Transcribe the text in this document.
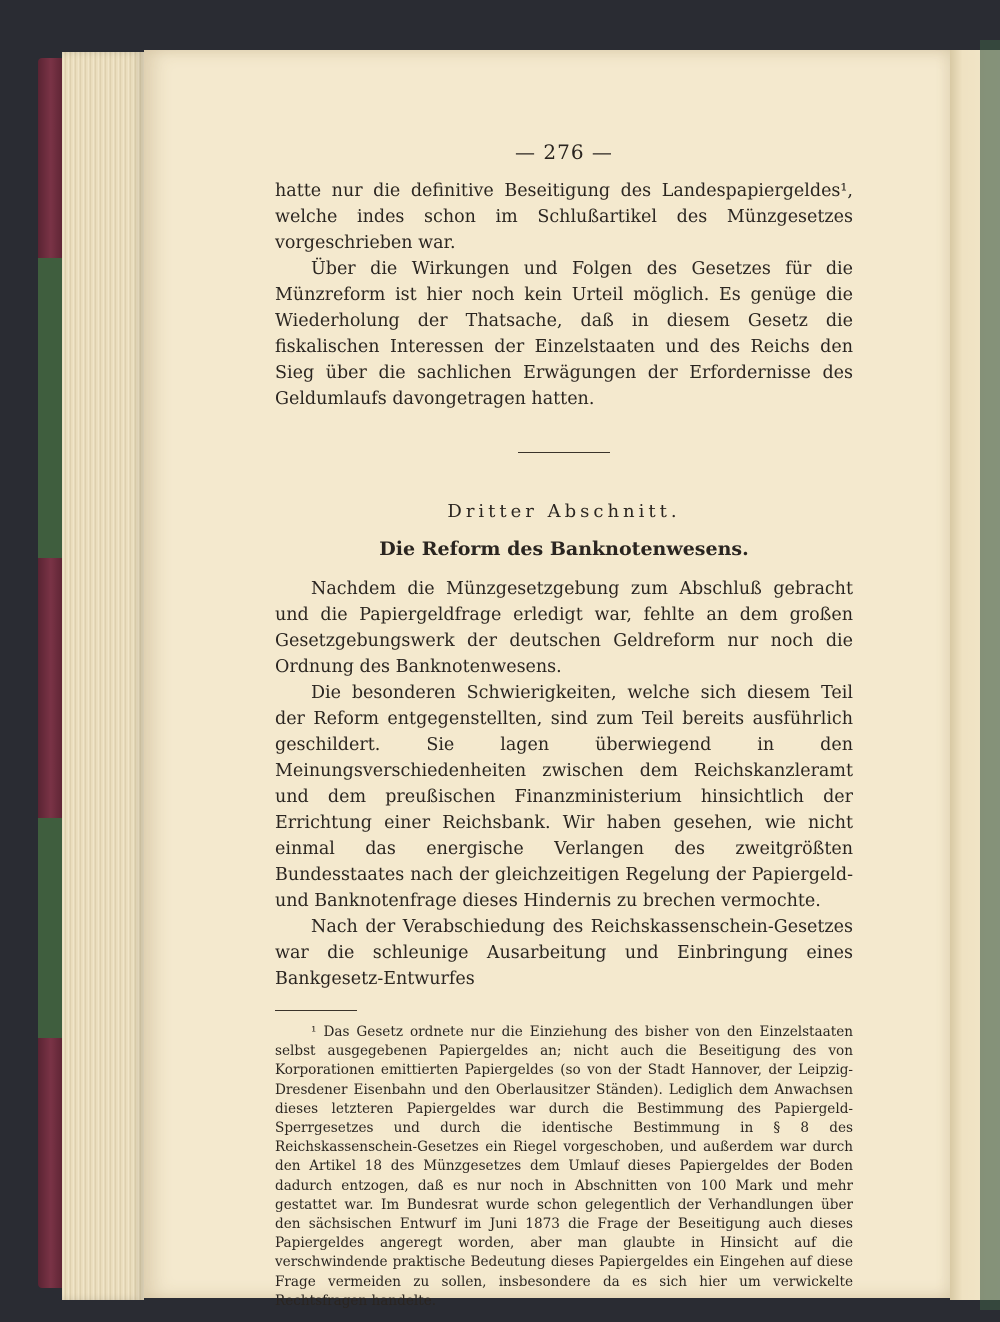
— 276 —

hatte nur die definitive Beseitigung des Landespapiergeldes¹, welche indes schon im Schlußartikel des Münzgesetzes vorgeschrieben war.

Über die Wirkungen und Folgen des Gesetzes für die Münzreform ist hier noch kein Urteil möglich. Es genüge die Wiederholung der Thatsache, daß in diesem Gesetz die fiskalischen Interessen der Einzelstaaten und des Reichs den Sieg über die sachlichen Erwägungen der Erfordernisse des Geldumlaufs davongetragen hatten.

Dritter Abschnitt.

Die Reform des Banknotenwesens.

Nachdem die Münzgesetzgebung zum Abschluß gebracht und die Papiergeldfrage erledigt war, fehlte an dem großen Gesetzgebungswerk der deutschen Geldreform nur noch die Ordnung des Banknotenwesens.

Die besonderen Schwierigkeiten, welche sich diesem Teil der Reform entgegenstellten, sind zum Teil bereits ausführlich geschildert. Sie lagen überwiegend in den Meinungsverschiedenheiten zwischen dem Reichskanzleramt und dem preußischen Finanzministerium hinsichtlich der Errichtung einer Reichsbank. Wir haben gesehen, wie nicht einmal das energische Verlangen des zweitgrößten Bundesstaates nach der gleichzeitigen Regelung der Papiergeld- und Banknotenfrage dieses Hindernis zu brechen vermochte.

Nach der Verabschiedung des Reichskassenschein-Gesetzes war die schleunige Ausarbeitung und Einbringung eines Bankgesetz-Entwurfes

¹ Das Gesetz ordnete nur die Einziehung des bisher von den Einzelstaaten selbst ausgegebenen Papiergeldes an; nicht auch die Beseitigung des von Korporationen emittierten Papiergeldes (so von der Stadt Hannover, der Leipzig-Dresdener Eisenbahn und den Oberlausitzer Ständen). Lediglich dem Anwachsen dieses letzteren Papiergeldes war durch die Bestimmung des Papiergeld-Sperrgesetzes und durch die identische Bestimmung in § 8 des Reichskassenschein-Gesetzes ein Riegel vorgeschoben, und außerdem war durch den Artikel 18 des Münzgesetzes dem Umlauf dieses Papiergeldes der Boden dadurch entzogen, daß es nur noch in Abschnitten von 100 Mark und mehr gestattet war. Im Bundesrat wurde schon gelegentlich der Verhandlungen über den sächsischen Entwurf im Juni 1873 die Frage der Beseitigung auch dieses Papiergeldes angeregt worden, aber man glaubte in Hinsicht auf die verschwindende praktische Bedeutung dieses Papiergeldes ein Eingehen auf diese Frage vermeiden zu sollen, insbesondere da es sich hier um verwickelte Rechtsfragen handelte.
